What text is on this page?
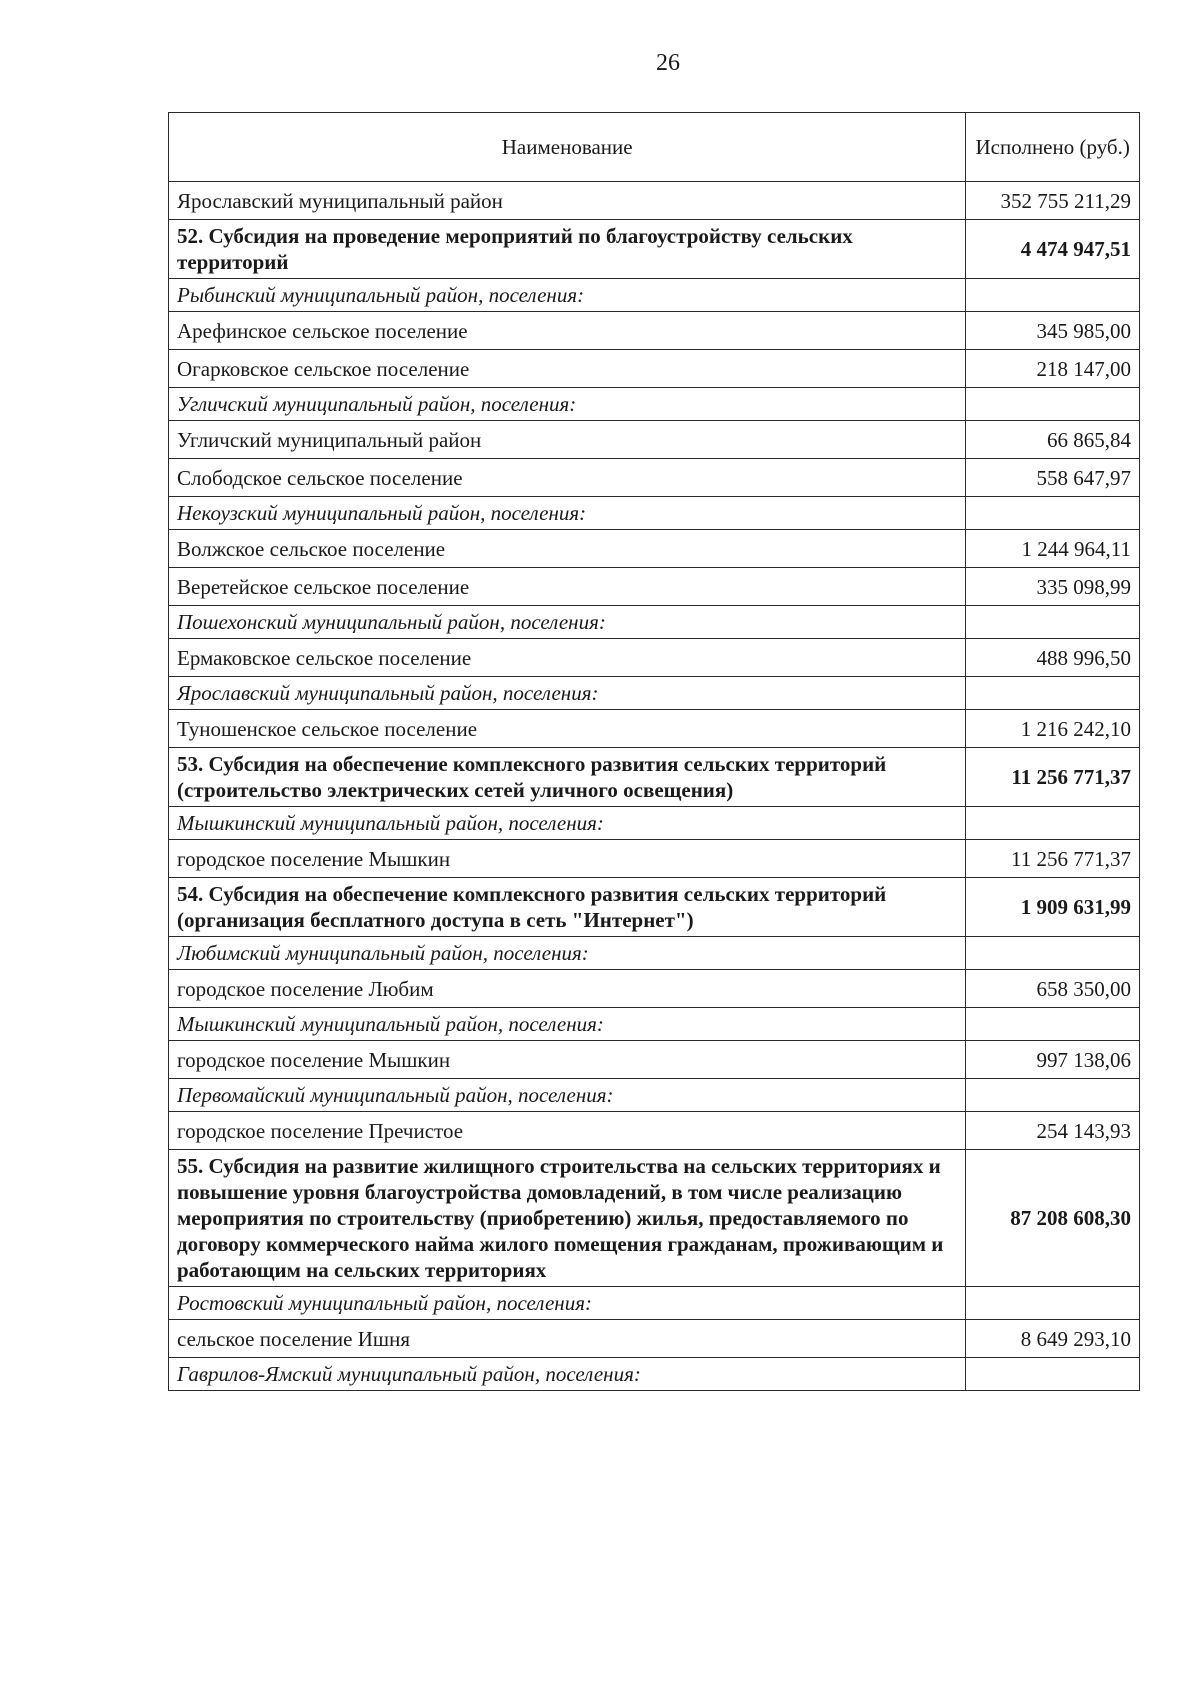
26
Наименование	Исполнено (руб.)
Ярославский муниципальный район	352 755 211,29
52. Субсидия на проведение мероприятий по благоустройству сельских территорий	4 474 947,51
Рыбинский муниципальный район, поселения:	
Арефинское сельское поселение	345 985,00
Огарковское сельское поселение	218 147,00
Угличский муниципальный район, поселения:	
Угличский муниципальный район	66 865,84
Слободское сельское поселение	558 647,97
Некоузский муниципальный район, поселения:	
Волжское сельское поселение	1 244 964,11
Веретейское сельское поселение	335 098,99
Пошехонский муниципальный район, поселения:	
Ермаковское сельское поселение	488 996,50
Ярославский муниципальный район, поселения:	
Туношенское сельское поселение	1 216 242,10
53. Субсидия на обеспечение комплексного развития сельских территорий (строительство электрических сетей уличного освещения)	11 256 771,37
Мышкинский муниципальный район, поселения:	
городское поселение Мышкин	11 256 771,37
54. Субсидия на обеспечение комплексного развития сельских территорий (организация бесплатного доступа в сеть "Интернет")	1 909 631,99
Любимский муниципальный район, поселения:	
городское поселение Любим	658 350,00
Мышкинский муниципальный район, поселения:	
городское поселение Мышкин	997 138,06
Первомайский муниципальный район, поселения:	
городское поселение Пречистое	254 143,93
55. Субсидия на развитие жилищного строительства на сельских территориях и повышение уровня благоустройства домовладений, в том числе реализацию мероприятия по строительству (приобретению) жилья, предоставляемого по договору коммерческого найма жилого помещения гражданам, проживающим и работающим на сельских территориях	87 208 608,30
Ростовский муниципальный район, поселения:	
сельское поселение Ишня	8 649 293,10
Гаврилов-Ямский муниципальный район, поселения:	
